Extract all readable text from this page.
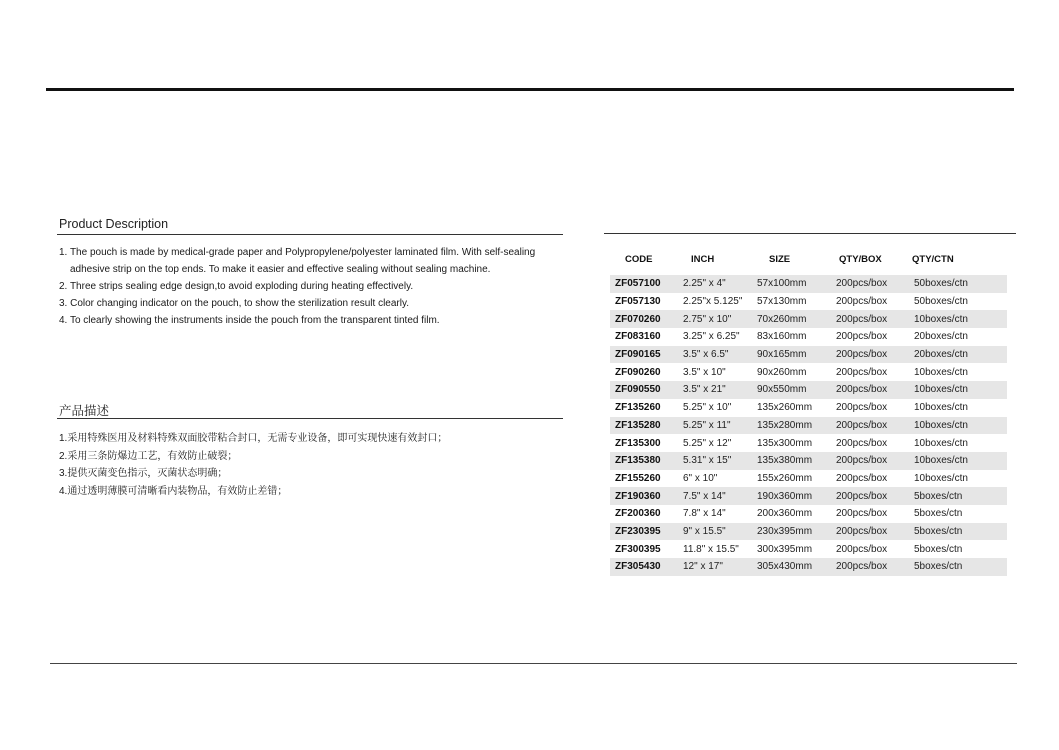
Product Description
1. The pouch is made by medical-grade paper and Polypropylene/polyester laminated film. With self-sealing
adhesive strip on the top ends. To make it easier and effective sealing without sealing machine.
2. Three strips sealing edge design,to avoid exploding during heating effectively.
3. Color changing indicator on the pouch, to show the sterilization result clearly.
4. To clearly showing the instruments inside the pouch from the transparent tinted film.
产品描述
1.采用特殊医用及材料特殊双面胶带粘合封口，无需专业设备，即可实现快速有效封口；
2.采用三条防爆边工艺，有效防止破裂；
3.提供灭菌变色指示，灭菌状态明确；
4.通过透明薄膜可清晰看内装物品，有效防止差错；
CODE	INCH	SIZE	QTY/BOX	QTY/CTN
ZF057100	2.25" x 4"	57x100mm	200pcs/box	50boxes/ctn
ZF057130	2.25"x 5.125"	57x130mm	200pcs/box	50boxes/ctn
ZF070260	2.75" x 10"	70x260mm	200pcs/box	10boxes/ctn
ZF083160	3.25" x 6.25"	83x160mm	200pcs/box	20boxes/ctn
ZF090165	3.5" x 6.5"	90x165mm	200pcs/box	20boxes/ctn
ZF090260	3.5" x 10"	90x260mm	200pcs/box	10boxes/ctn
ZF090550	3.5" x 21"	90x550mm	200pcs/box	10boxes/ctn
ZF135260	5.25" x 10"	135x260mm	200pcs/box	10boxes/ctn
ZF135280	5.25" x 11"	135x280mm	200pcs/box	10boxes/ctn
ZF135300	5.25" x 12"	135x300mm	200pcs/box	10boxes/ctn
ZF135380	5.31" x 15"	135x380mm	200pcs/box	10boxes/ctn
ZF155260	6" x 10"	155x260mm	200pcs/box	10boxes/ctn
ZF190360	7.5" x 14"	190x360mm	200pcs/box	5boxes/ctn
ZF200360	7.8" x 14"	200x360mm	200pcs/box	5boxes/ctn
ZF230395	9" x 15.5"	230x395mm	200pcs/box	5boxes/ctn
ZF300395	11.8" x 15.5"	300x395mm	200pcs/box	5boxes/ctn
ZF305430	12" x 17"	305x430mm	200pcs/box	5boxes/ctn
